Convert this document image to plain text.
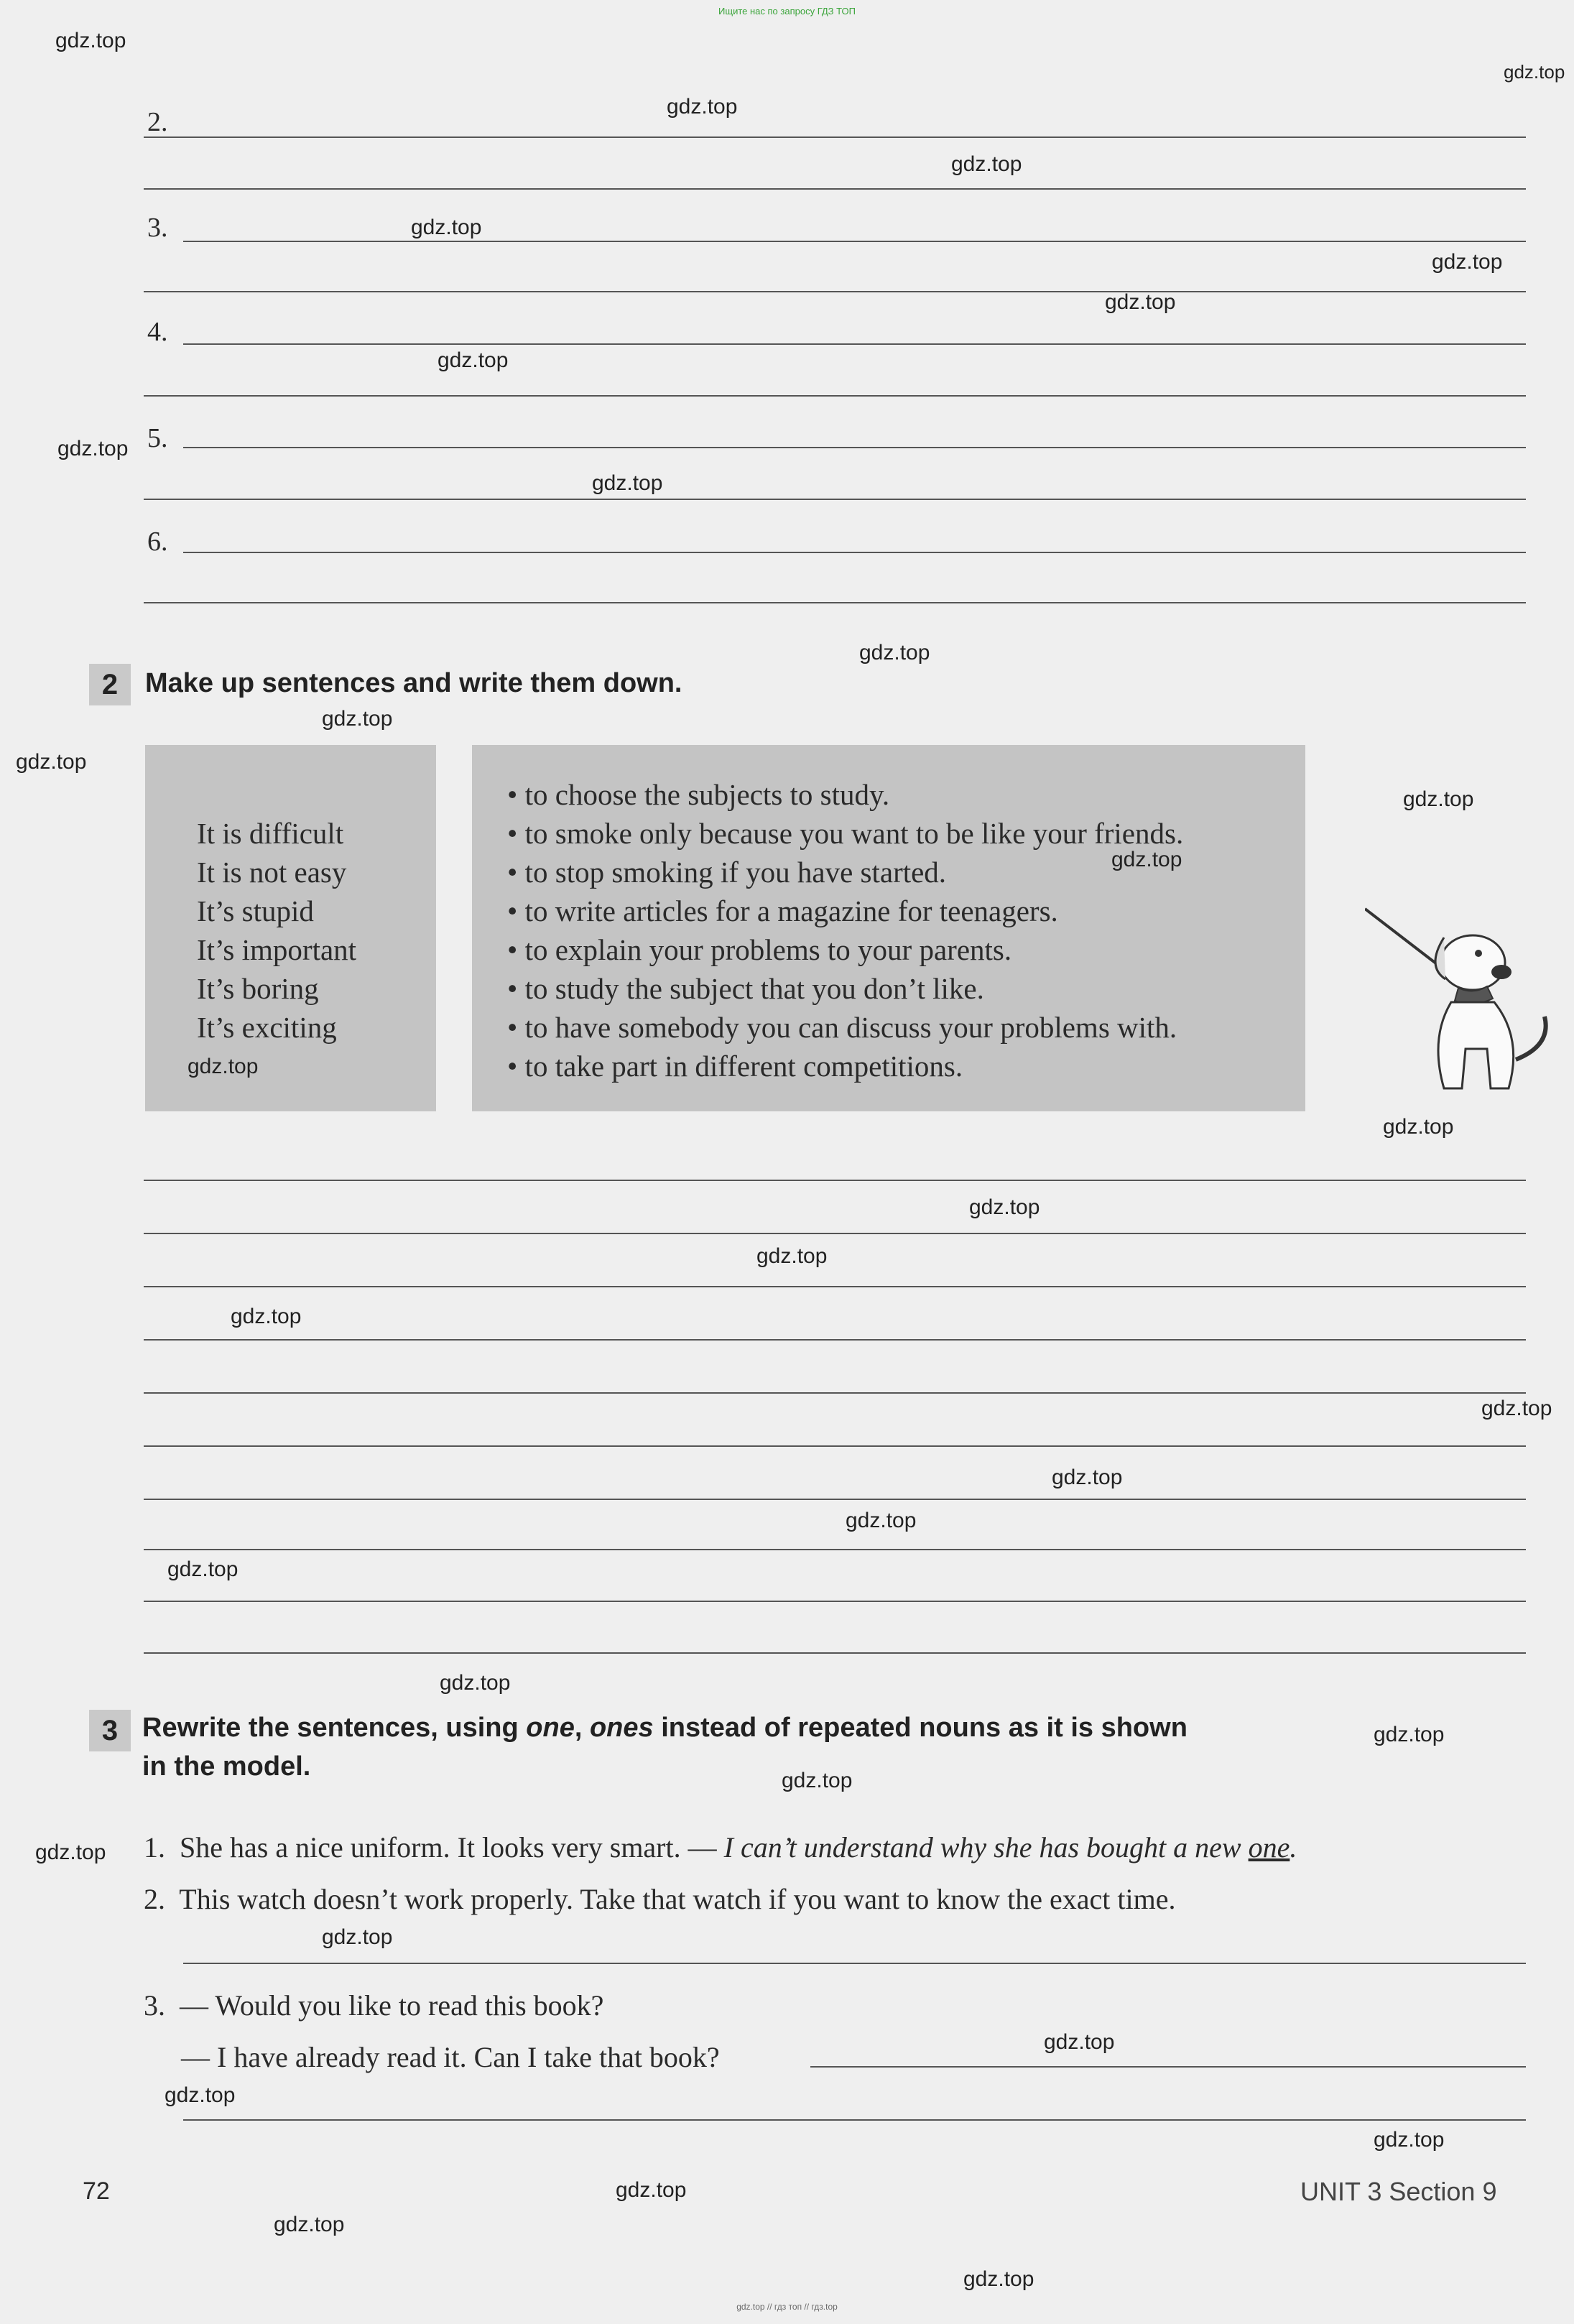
Ищите нас по запросу ГДЗ ТОП
2.
3.
4.
5.
6.
2 Make up sentences and write them down.
It is difficult
It is not easy
It’s stupid
It’s important
It’s boring
It’s exciting
• to choose the subjects to study.
• to smoke only because you want to be like your friends.
• to stop smoking if you have started.
• to write articles for a magazine for teenagers.
• to explain your problems to your parents.
• to study the subject that you don’t like.
• to have somebody you can discuss your problems with.
• to take part in different competitions.
3 Rewrite the sentences, using one, ones instead of repeated nouns as it is shown
in the model.
1. She has a nice uniform. It looks very smart. — I can’t understand why she has bought a new one.
2. This watch doesn’t work properly. Take that watch if you want to know the exact time.
3. — Would you like to read this book?
— I have already read it. Can I take that book?
72	UNIT 3 Section 9
gdz.top
gdz.top
gdz.top
gdz.top
gdz.top
gdz.top
gdz.top
gdz.top
gdz.top
gdz.top
gdz.top
gdz.top
gdz.top
gdz.top
gdz.top
gdz.top
gdz.top
gdz.top
gdz.top
gdz.top
gdz.top
gdz.top
gdz.top
gdz.top
gdz.top
gdz.top
gdz.top
gdz.top
gdz.top
gdz.top
gdz.top
gdz.top
gdz.top
gdz.top
gdz.top
gdz.top // гдз топ // гдз.top
